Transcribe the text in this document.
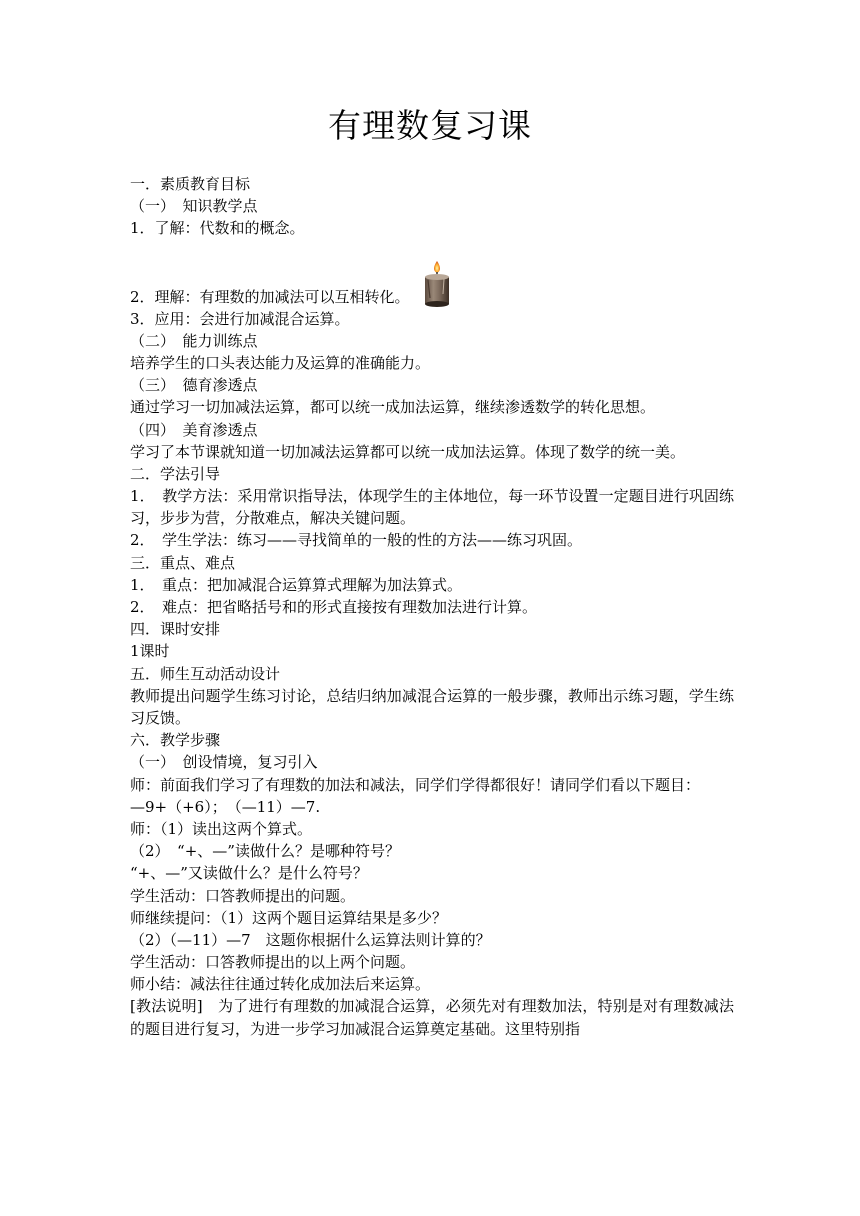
有理数复习课
一．素质教育目标
（一）　知识教学点
1．了解：代数和的概念。
2．理解：有理数的加减法可以互相转化。
3．应用：会进行加减混合运算。
（二）　能力训练点
培养学生的口头表达能力及运算的准确能力。
（三）　德育渗透点
通过学习一切加减法运算，都可以统一成加法运算，继续渗透数学的转化思想。
（四）　美育渗透点
学习了本节课就知道一切加减法运算都可以统一成加法运算。体现了数学的统一美。
二．学法引导
1．　教学方法：采用常识指导法，体现学生的主体地位，每一环节设置一定题目进行巩固练习，步步为营，分散难点，解决关键问题。
2．　学生学法：练习——寻找简单的一般的性的方法——练习巩固。
三．重点、难点
1．　重点：把加减混合运算算式理解为加法算式。
2．　难点：把省略括号和的形式直接按有理数加法进行计算。
四．课时安排
1课时
五．师生互动活动设计
教师提出问题学生练习讨论，总结归纳加减混合运算的一般步骤，教师出示练习题，学生练习反馈。
六．教学步骤
（一）　创设情境，复习引入
师：前面我们学习了有理数的加法和减法，同学们学得都很好！请同学们看以下题目：
—9+（+6）；　（—11）—7.
师：（1）读出这两个算式。
（2）　“+、—”读做什么？是哪种符号？
“+、—”又读做什么？是什么符号？
学生活动：口答教师提出的问题。
师继续提问：（1）这两个题目运算结果是多少？
（2）（—11）—7　这题你根据什么运算法则计算的？
学生活动：口答教师提出的以上两个问题。
师小结：减法往往通过转化成加法后来运算。
[教法说明]　为了进行有理数的加减混合运算，必须先对有理数加法，特别是对有理数减法的题目进行复习，为进一步学习加减混合运算奠定基础。这里特别指
